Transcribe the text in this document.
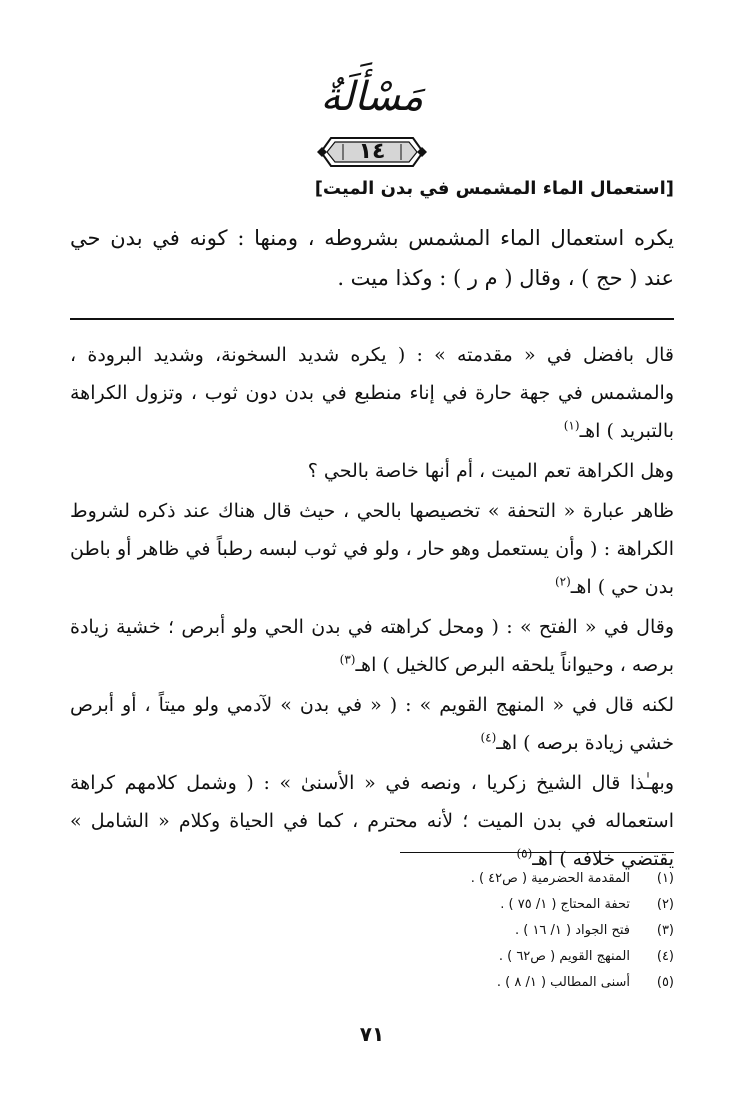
مَسْأَلَةٌ
١٤
[استعمال الماء المشمس في بدن الميت]
يكره استعمال الماء المشمس بشروطه ، ومنها : كونه في بدن حي عند ( حج ) ، وقال ( م ر ) : وكذا ميت .

قال بافضل في « مقدمته » : ( يكره شديد السخونة، وشديد البرودة ، والمشمس في جهة حارة في إناء منطبع في بدن دون ثوب ، وتزول الكراهة بالتبريد ) اهـ$^{(١)}$

وهل الكراهة تعم الميت ، أم أنها خاصة بالحي ؟

ظاهر عبارة « التحفة » تخصيصها بالحي ، حيث قال هناك عند ذكره لشروط الكراهة : ( وأن يستعمل وهو حار ، ولو في ثوب لبسه رطباً في ظاهر أو باطن بدن حي ) اهـ$^{(٢)}$

وقال في « الفتح » : ( ومحل كراهته في بدن الحي ولو أبرص ؛ خشية زيادة برصه ، وحيواناً يلحقه البرص كالخيل ) اهـ$^{(٣)}$

لكنه قال في « المنهج القويم » : ( « في بدن » لآدمي ولو ميتاً ، أو أبرص خشي زيادة برصه ) اهـ$^{(٤)}$

وبهـٰذا قال الشيخ زكريا ، ونصه في « الأسنىٰ » : ( وشمل كلامهم كراهة استعماله في بدن الميت ؛ لأنه محترم ، كما في الحياة وكلام « الشامل » يقتضي خلافه ) اهـ$^{(٥)}$

(١)
المقدمة الحضرمية ( ص٤٢ ) .
(٢)
تحفة المحتاج ( ١/ ٧٥ ) .
(٣)
فتح الجواد ( ١/ ١٦ ) .
(٤)
المنهج القويم ( ص٦٢ ) .
(٥)
أسنى المطالب ( ١/ ٨ ) .
٧١
